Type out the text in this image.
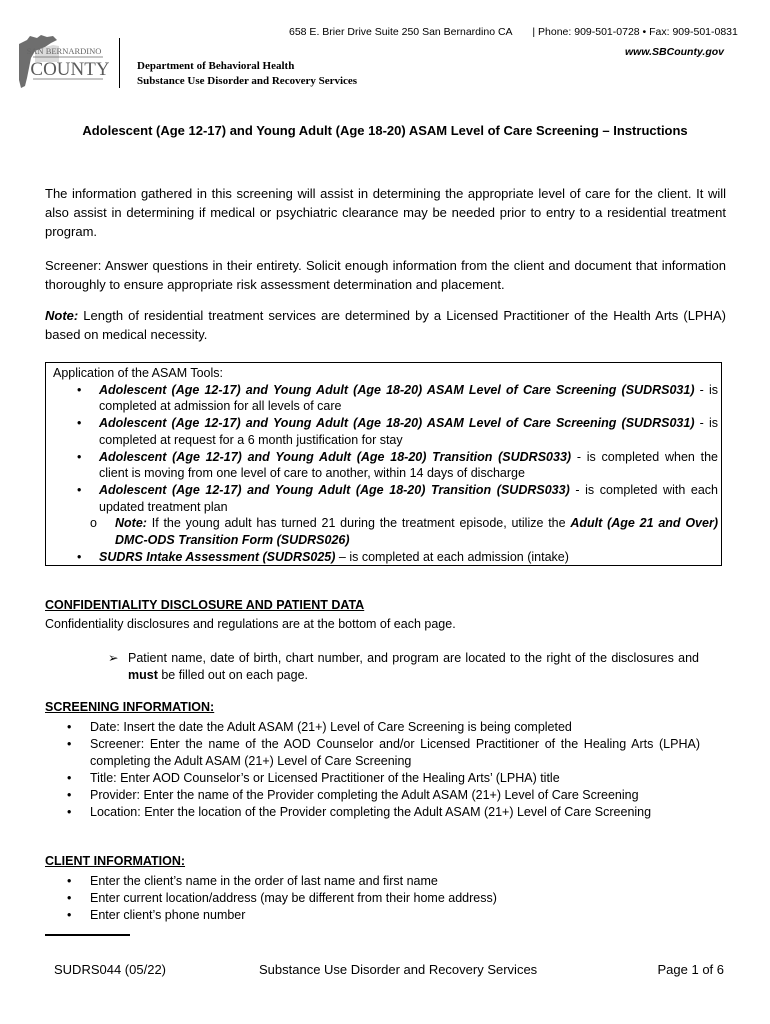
658 E. Brier Drive Suite 250 San Bernardino CA | Phone: 909-501-0728 • Fax: 909-501-0831
www.SBCounty.gov
SAN BERNARDINO
COUNTY Department of Behavioral Health
Substance Use Disorder and Recovery Services
Adolescent (Age 12-17) and Young Adult (Age 18-20) ASAM Level of Care Screening – Instructions
The information gathered in this screening will assist in determining the appropriate level of care for the client. It will also assist in determining if medical or psychiatric clearance may be needed prior to entry to a residential treatment program.
Screener: Answer questions in their entirety. Solicit enough information from the client and document that information thoroughly to ensure appropriate risk assessment determination and placement.
Note: Length of residential treatment services are determined by a Licensed Practitioner of the Health Arts (LPHA) based on medical necessity.
Application of the ASAM Tools:
• Adolescent (Age 12-17) and Young Adult (Age 18-20) ASAM Level of Care Screening (SUDRS031) - is completed at admission for all levels of care
• Adolescent (Age 12-17) and Young Adult (Age 18-20) ASAM Level of Care Screening (SUDRS031) - is completed at request for a 6 month justification for stay
• Adolescent (Age 12-17) and Young Adult (Age 18-20) Transition (SUDRS033) - is completed when the client is moving from one level of care to another, within 14 days of discharge
• Adolescent (Age 12-17) and Young Adult (Age 18-20) Transition (SUDRS033) - is completed with each updated treatment plan
o Note: If the young adult has turned 21 during the treatment episode, utilize the Adult (Age 21 and Over) DMC-ODS Transition Form (SUDRS026)
• SUDRS Intake Assessment (SUDRS025) – is completed at each admission (intake)
CONFIDENTIALITY DISCLOSURE AND PATIENT DATA
Confidentiality disclosures and regulations are at the bottom of each page.
➢ Patient name, date of birth, chart number, and program are located to the right of the disclosures and must be filled out on each page.
SCREENING INFORMATION:
• Date: Insert the date the Adult ASAM (21+) Level of Care Screening is being completed
• Screener: Enter the name of the AOD Counselor and/or Licensed Practitioner of the Healing Arts (LPHA) completing the Adult ASAM (21+) Level of Care Screening
• Title: Enter AOD Counselor’s or Licensed Practitioner of the Healing Arts’ (LPHA) title
• Provider: Enter the name of the Provider completing the Adult ASAM (21+) Level of Care Screening
• Location: Enter the location of the Provider completing the Adult ASAM (21+) Level of Care Screening
CLIENT INFORMATION:
• Enter the client’s name in the order of last name and first name
• Enter current location/address (may be different from their home address)
• Enter client’s phone number
SUDRS044 (05/22)	Substance Use Disorder and Recovery Services	Page 1 of 6
